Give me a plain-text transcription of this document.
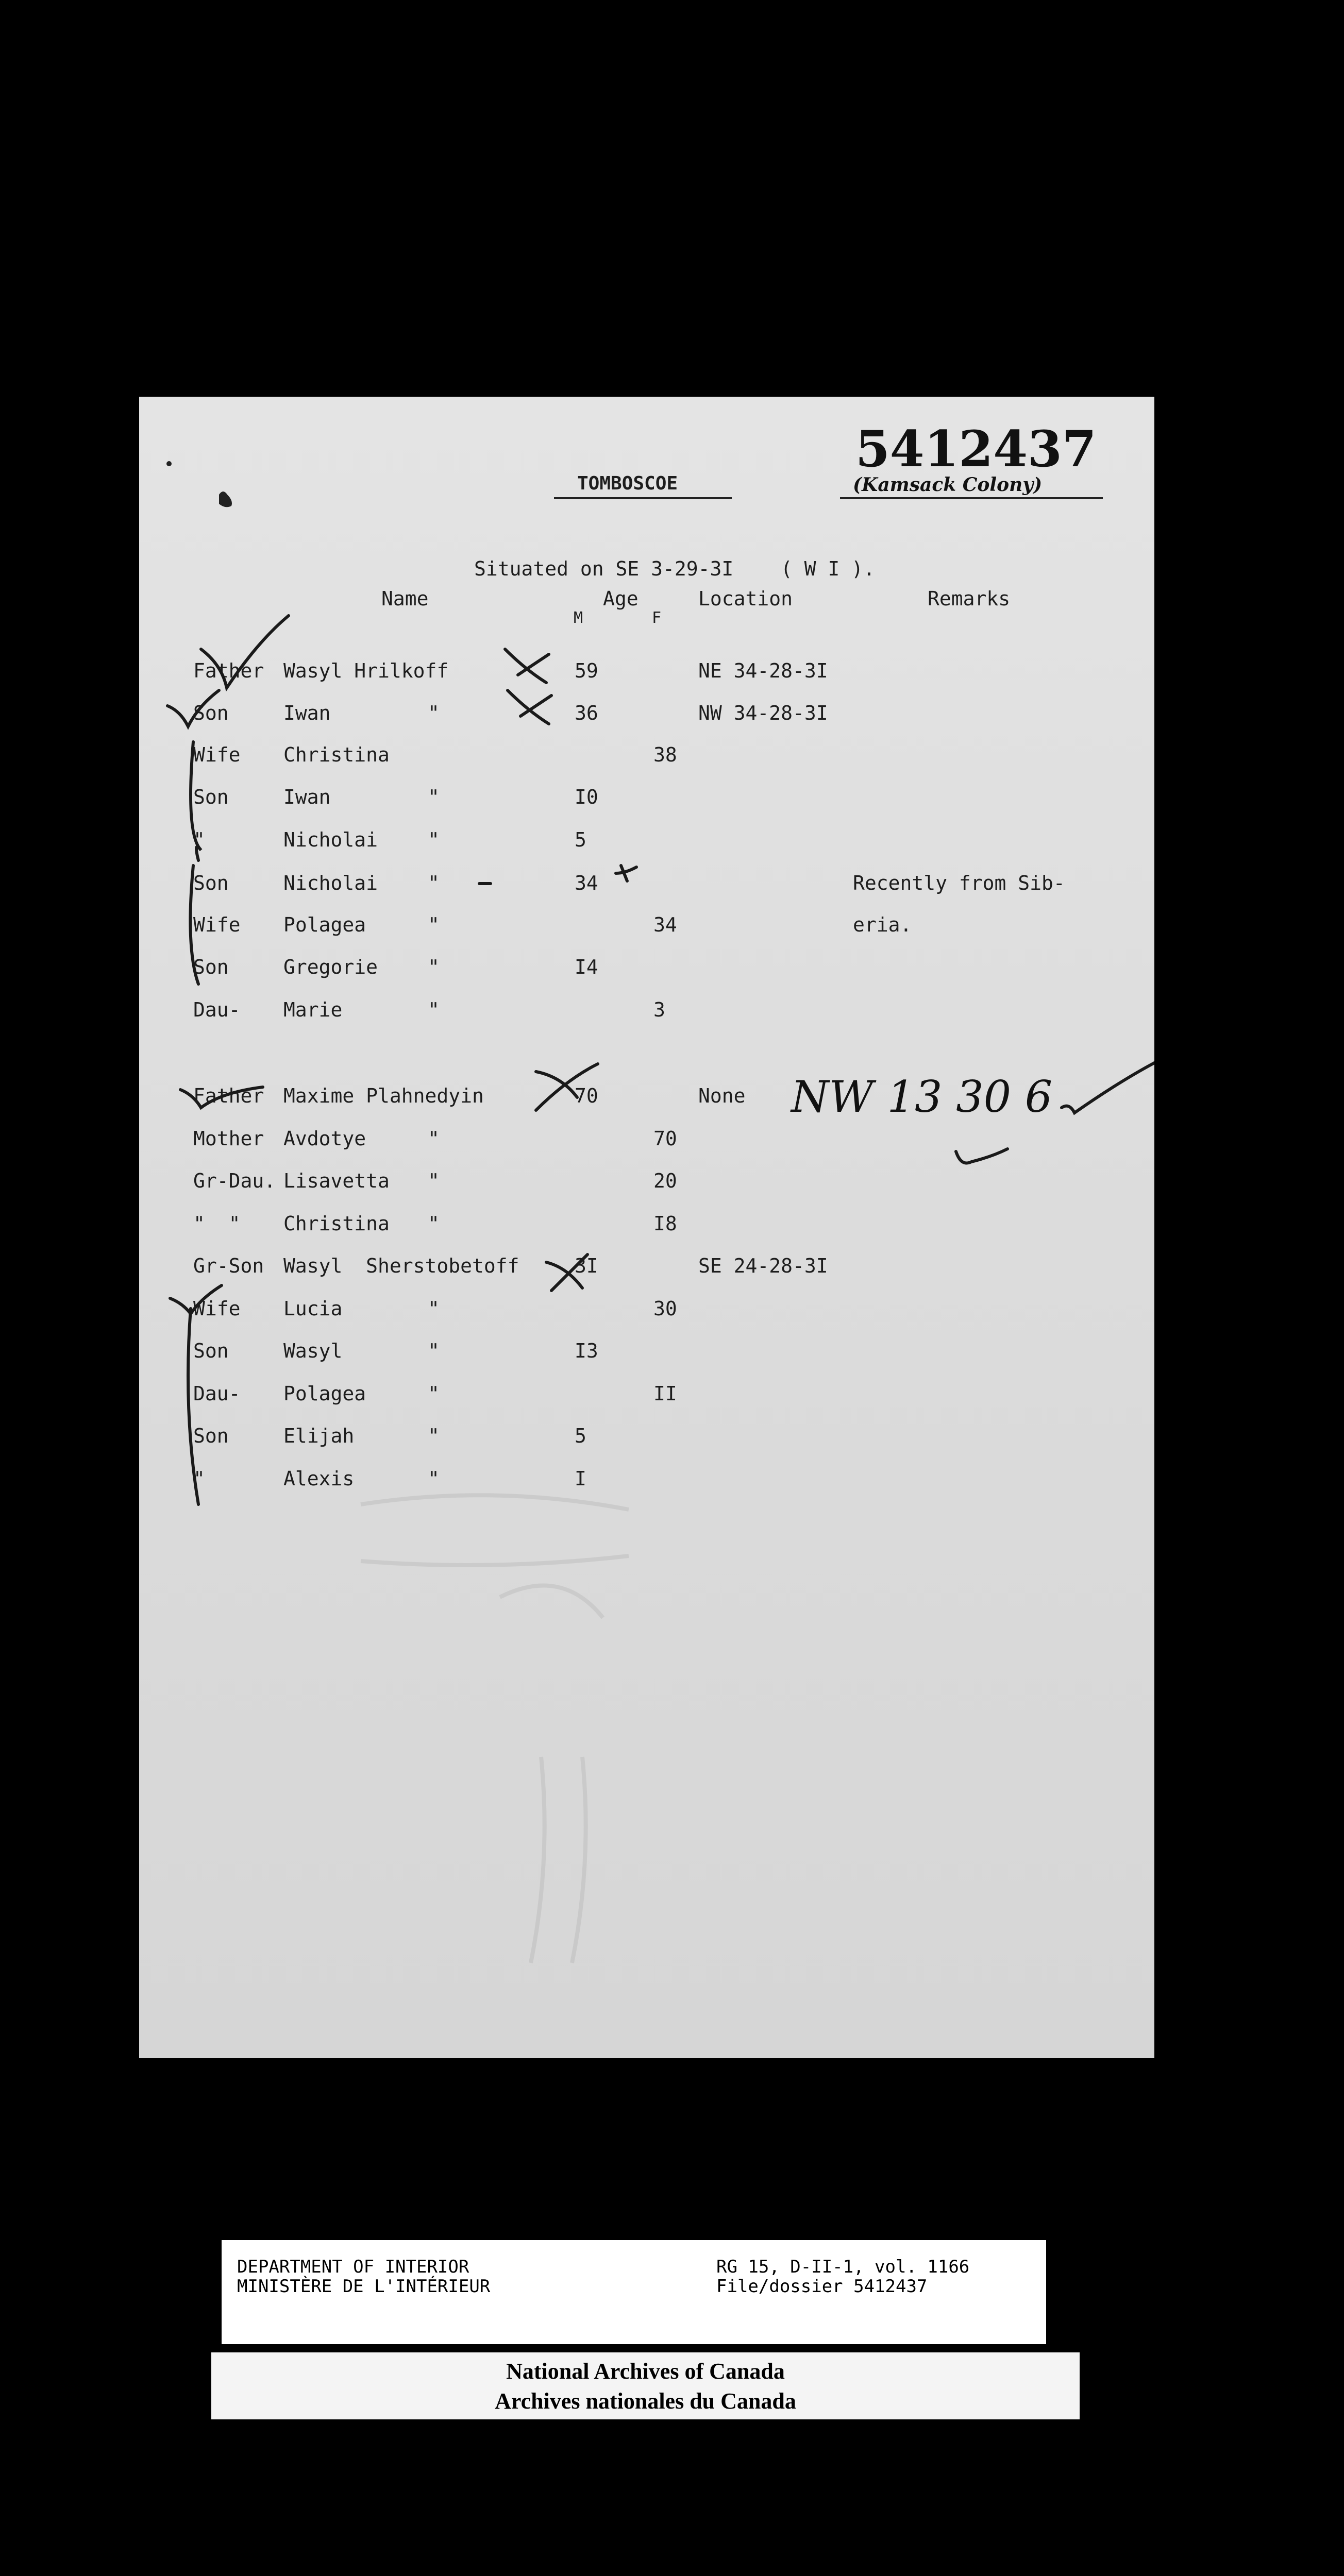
5412437
(Kamsack Colony)
TOMBOSCOE
Situated on SE 3-29-3I    ( W I ).
Name	Age	Location	Remarks
M	F
Father Wasyl Hrilkoff	59	NE 34-28-3I
Son	Iwan	"	36	NW 34-28-3I
Wife Christina	38
Son	Iwan	"	I0
"	Nicholai	"	5
Son	Nicholai	"	34	Recently from Sib-
Wife Polagea	"	34	eria.
Son	Gregorie	"	I4
Dau- Marie	"	3
Father Maxime Plahnedyin	70	None
Mother Avdotye	"	70
Gr-Dau. Lisavetta "	20
"  " Christina "	I8
Gr-Son Wasyl  Sherstobetoff	3I	SE 24-28-3I
Wife Lucia	"	30
Son	Wasyl	"	I3
Dau- Polagea	"	II
Son	Elijah	"	5
"	Alexis	"	I
NW 13 30 6
DEPARTMENT OF INTERIOR
MINISTÈRE DE L'INTÉRIEUR
RG 15, D-II-1, vol. 1166
File/dossier 5412437
National Archives of Canada
Archives nationales du Canada
